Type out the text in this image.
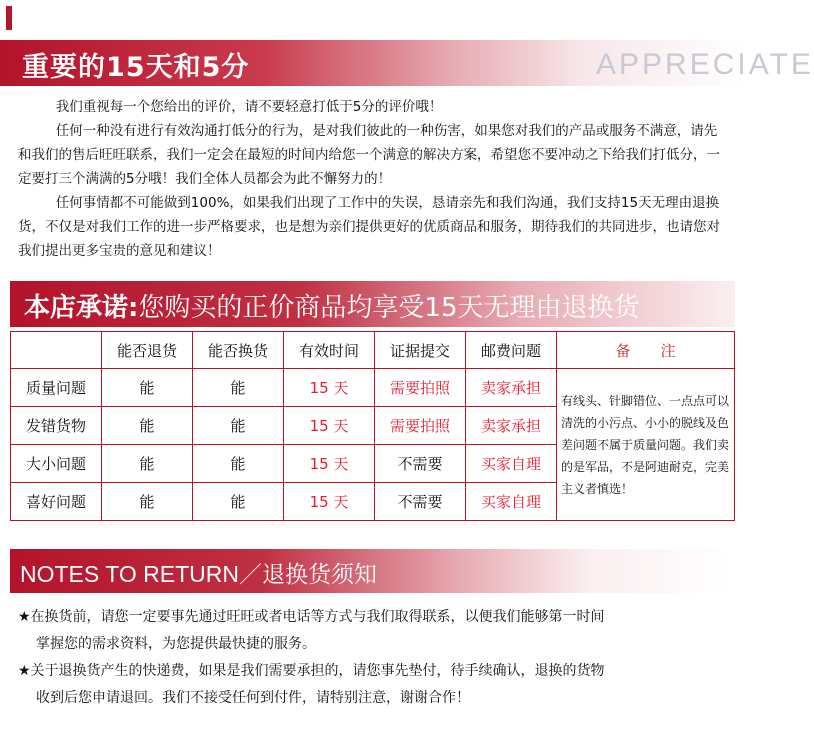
重要的15天和5分	APPRECIATE

我们重视每一个您给出的评价，请不要轻意打低于5分的评价哦！

任何一种没有进行有效沟通打低分的行为，是对我们彼此的一种伤害，如果您对我们的产品或服务不满意，请先和我们的售后旺旺联系，我们一定会在最短的时间内给您一个满意的解决方案，希望您不要冲动之下给我们打低分，一定要打三个满满的5分哦！我们全体人员都会为此不懈努力的！

任何事情都不可能做到100%，如果我们出现了工作中的失误，恳请亲先和我们沟通，我们支持15天无理由退换货，不仅是对我们工作的进一步严格要求，也是想为亲们提供更好的优质商品和服务，期待我们的共同进步，也请您对我们提出更多宝贵的意见和建议！

本店承诺:您购买的正价商品均享受15天无理由退换货
	能否退货	能否换货	有效时间	证据提交	邮费问题	备　　注
质量问题	能	能	15 天	需要拍照	卖家承担	有线头、针脚错位、一点点可以清洗的小污点、小小的脱线及色差问题不属于质量问题。我们卖的是军品，不是阿迪耐克，完美主义者慎选！
发错货物	能	能	15 天	需要拍照	卖家承担	
大小问题	能	能	15 天	不需要	买家自理	
喜好问题	能	能	15 天	不需要	买家自理	
NOTES TO RETURN／退换货须知

★在换货前，请您一定要事先通过旺旺或者电话等方式与我们取得联系，以便我们能够第一时间

掌握您的需求资料，为您提供最快捷的服务。

★关于退换货产生的快递费，如果是我们需要承担的，请您事先垫付，待手续确认，退换的货物

收到后您申请退回。我们不接受任何到付件，请特别注意，谢谢合作！
